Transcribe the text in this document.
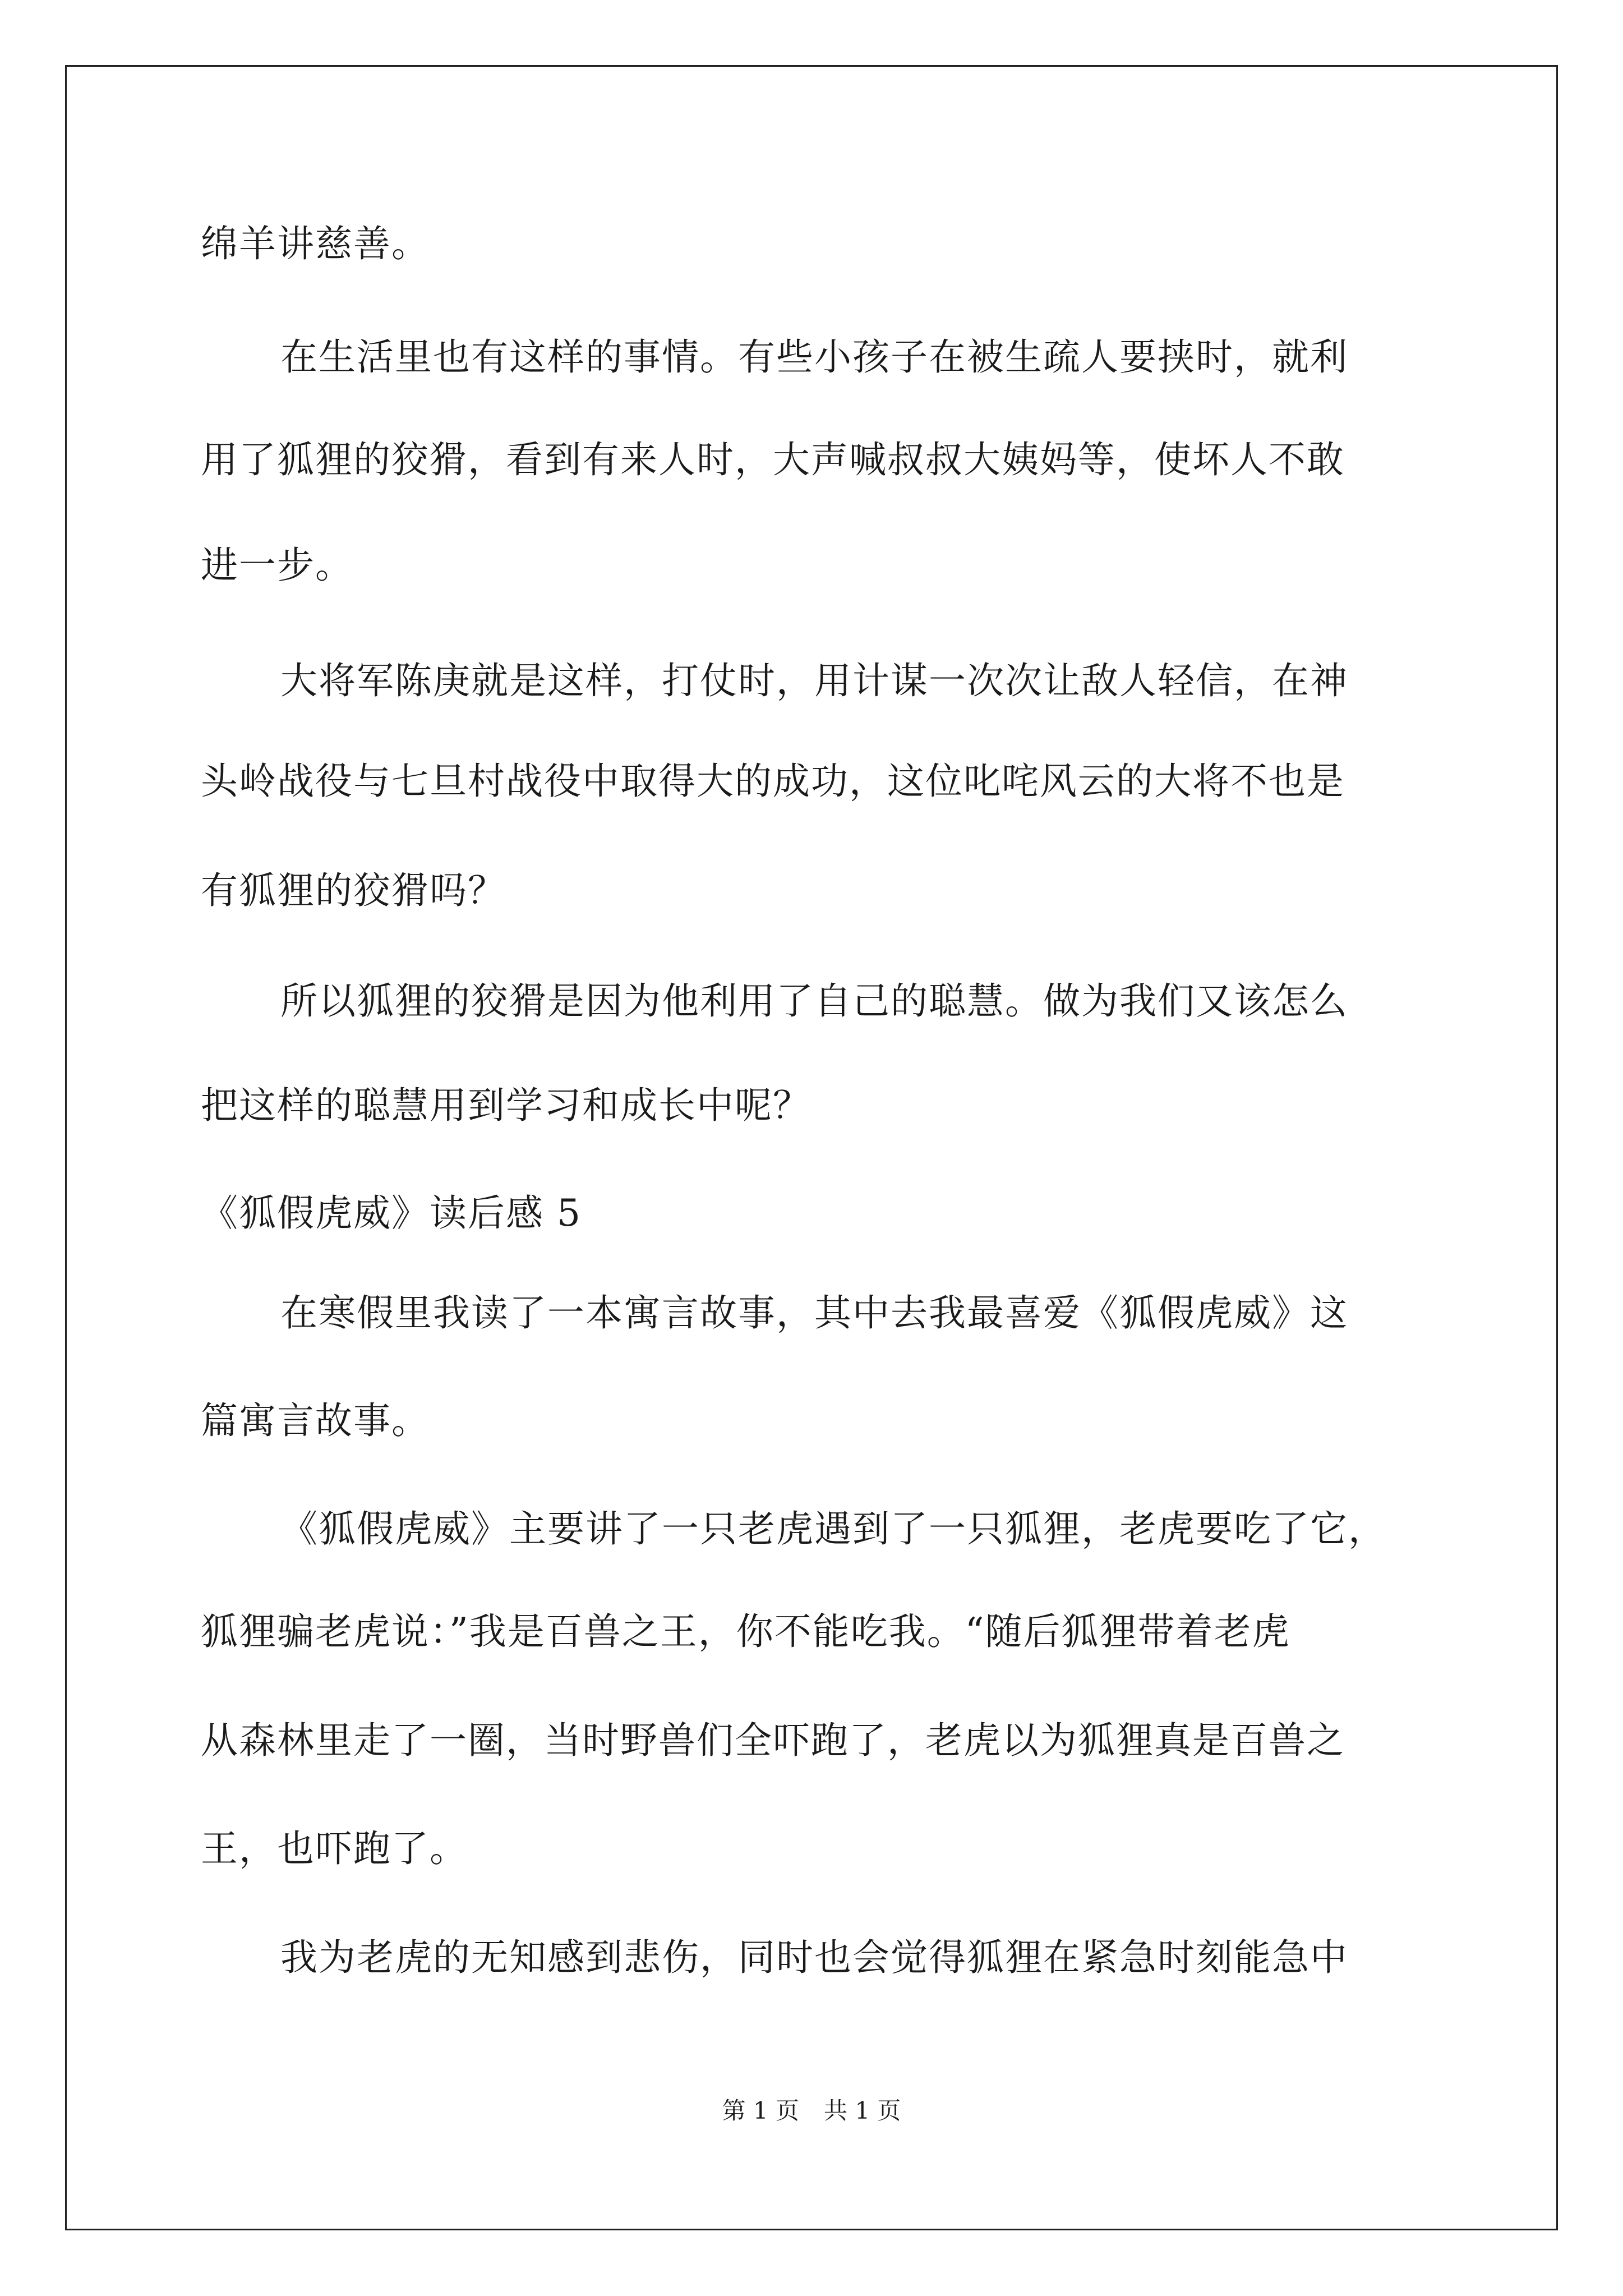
绵羊讲慈善。

在生活里也有这样的事情。有些小孩子在被生疏人要挟时，就利

用了狐狸的狡猾，看到有来人时，大声喊叔叔大姨妈等，使坏人不敢

进一步。

大将军陈庚就是这样，打仗时，用计谋一次次让敌人轻信，在神

头岭战役与七旦村战役中取得大的成功，这位叱咤风云的大将不也是

有狐狸的狡猾吗？

所以狐狸的狡猾是因为他利用了自己的聪慧。做为我们又该怎么

把这样的聪慧用到学习和成长中呢？

《狐假虎威》读后感 5

在寒假里我读了一本寓言故事，其中去我最喜爱《狐假虎威》这

篇寓言故事。

《狐假虎威》主要讲了一只老虎遇到了一只狐狸，老虎要吃了它，

狐狸骗老虎说：”我是百兽之王，你不能吃我。“随后狐狸带着老虎

从森林里走了一圈，当时野兽们全吓跑了，老虎以为狐狸真是百兽之

王，也吓跑了。

我为老虎的无知感到悲伤，同时也会觉得狐狸在紧急时刻能急中

第 1 页 共 1 页
